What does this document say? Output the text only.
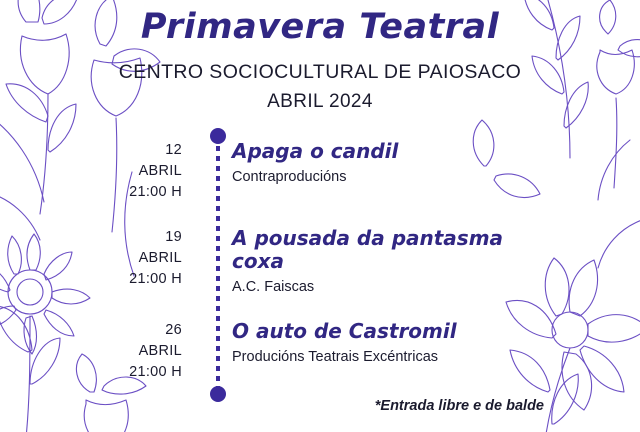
Primavera Teatral

CENTRO SOCIOCULTURAL DE PAIOSACO

ABRIL 2024

12 ABRIL
21:00 H

Apaga o candil

Contraproducións

19 ABRIL
21:00 H

A pousada da pantasma coxa

A.C. Faiscas

26 ABRIL
21:00 H

O auto de Castromil

Producións Teatrais Excéntricas

*Entrada libre e de balde
